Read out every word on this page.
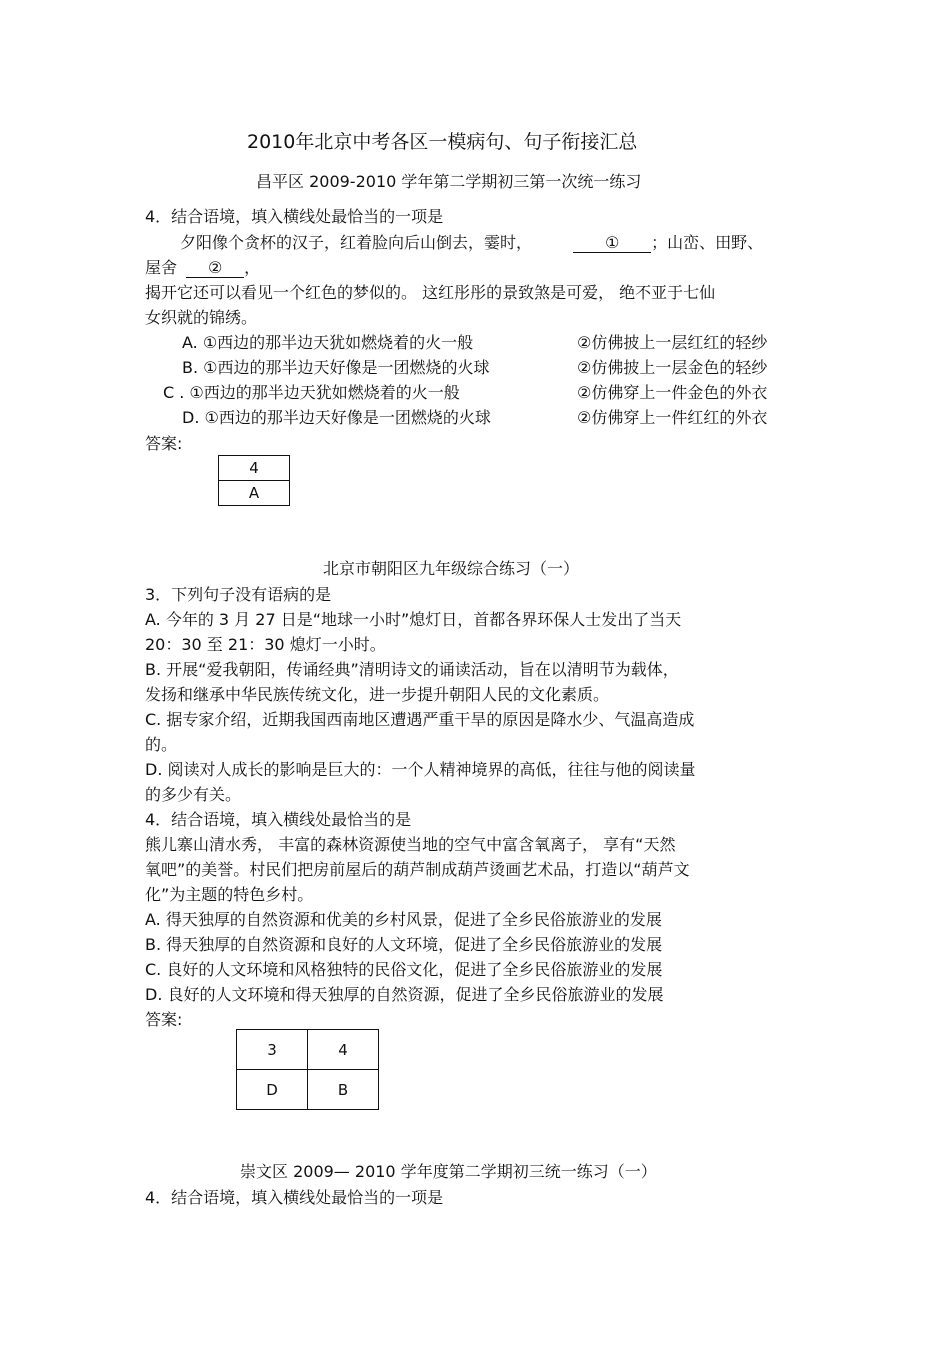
2010年北京中考各区一模病句、句子衔接汇总
昌平区 2009-2010 学年第二学期初三第一次统一练习
4．结合语境，填入横线处最恰当的一项是
夕阳像个贪杯的汉子，红着脸向后山倒去，霎时，	① ；山峦、田野、
屋舍 ② ，
揭开它还可以看见一个红色的梦似的。 这红彤彤的景致煞是可爱， 绝不亚于七仙
女织就的锦绣。
A. ①西边的那半边天犹如燃烧着的火一般	②仿佛披上一层红红的轻纱
B. ①西边的那半边天好像是一团燃烧的火球	②仿佛披上一层金色的轻纱
C . ①西边的那半边天犹如燃烧着的火一般	②仿佛穿上一件金色的外衣
D. ①西边的那半边天好像是一团燃烧的火球	②仿佛穿上一件红红的外衣
答案:
4
A
北京市朝阳区九年级综合练习（一）
3．下列句子没有语病的是
A. 今年的 3 月 27 日是“地球一小时”熄灯日，首都各界环保人士发出了当天
20：30 至 21：30 熄灯一小时。
B. 开展“爱我朝阳，传诵经典”清明诗文的诵读活动，旨在以清明节为载体，
发扬和继承中华民族传统文化，进一步提升朝阳人民的文化素质。
C. 据专家介绍，近期我国西南地区遭遇严重干旱的原因是降水少、气温高造成
的。
D. 阅读对人成长的影响是巨大的：一个人精神境界的高低，往往与他的阅读量
的多少有关。
4．结合语境，填入横线处最恰当的是
熊儿寨山清水秀， 丰富的森林资源使当地的空气中富含氧离子， 享有“天然
氧吧”的美誉。村民们把房前屋后的葫芦制成葫芦烫画艺术品，打造以“葫芦文
化”为主题的特色乡村。
A. 得天独厚的自然资源和优美的乡村风景，促进了全乡民俗旅游业的发展
B. 得天独厚的自然资源和良好的人文环境，促进了全乡民俗旅游业的发展
C. 良好的人文环境和风格独特的民俗文化，促进了全乡民俗旅游业的发展
D. 良好的人文环境和得天独厚的自然资源，促进了全乡民俗旅游业的发展
答案:
3	4
D	B
崇文区 2009— 2010 学年度第二学期初三统一练习（一）
4．结合语境，填入横线处最恰当的一项是
